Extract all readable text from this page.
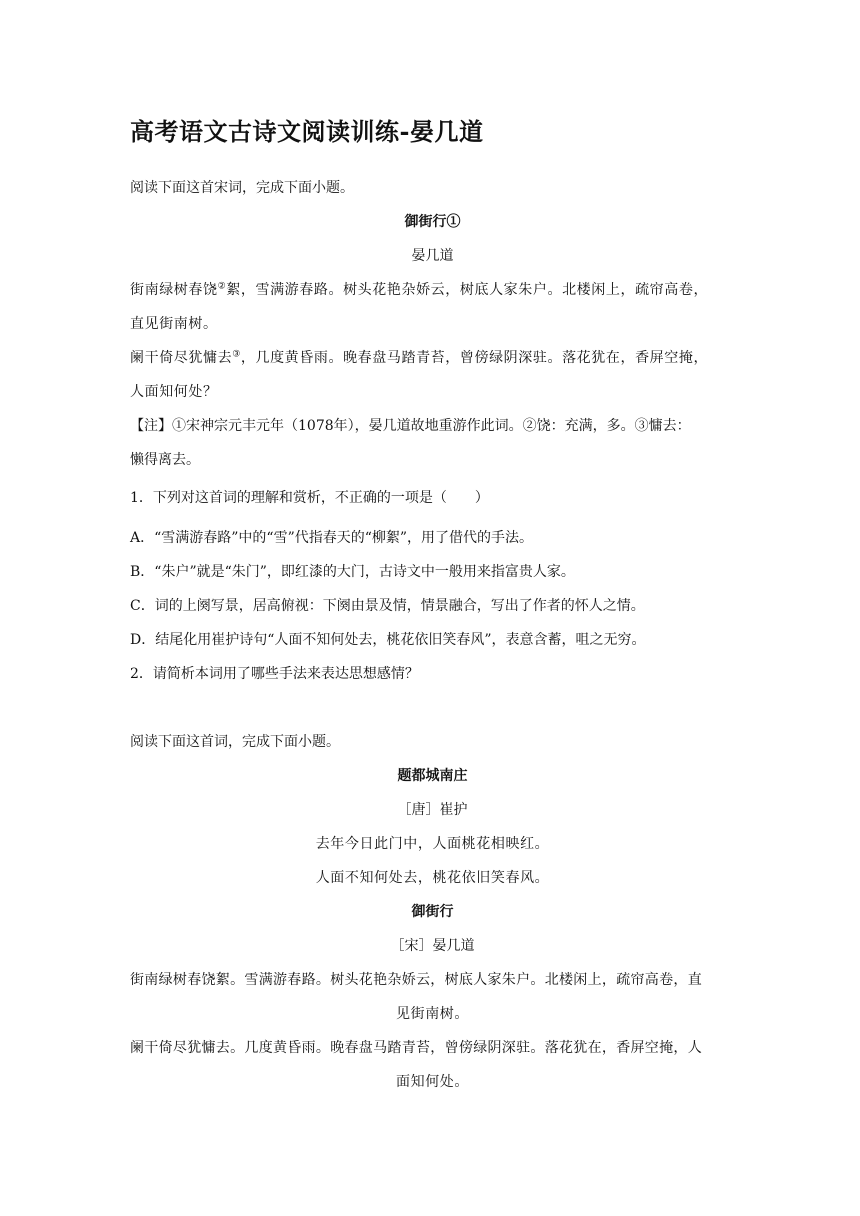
高考语文古诗文阅读训练-晏几道
阅读下面这首宋词，完成下面小题。
御街行①
晏几道
街南绿树春饶②絮，雪满游春路。树头花艳杂娇云，树底人家朱户。北楼闲上，疏帘高卷，
直见街南树。
阑干倚尽犹慵去③，几度黄昏雨。晚春盘马踏青苔，曾傍绿阴深驻。落花犹在，香屏空掩，
人面知何处？
【注】①宋神宗元丰元年（1078年），晏几道故地重游作此词。②饶：充满，多。③慵去：
懒得离去。
1．下列对这首词的理解和赏析，不正确的一项是（　　）
A．“雪满游春路”中的“雪”代指春天的“柳絮”，用了借代的手法。
B．“朱户”就是“朱门”，即红漆的大门，古诗文中一般用来指富贵人家。
C．词的上阕写景，居高俯视：下阕由景及情，情景融合，写出了作者的怀人之情。
D．结尾化用崔护诗句“人面不知何处去，桃花依旧笑春风”，表意含蓄，咀之无穷。
2．请简析本词用了哪些手法来表达思想感情？
阅读下面这首词，完成下面小题。
题都城南庄
［唐］崔护
去年今日此门中，人面桃花相映红。
人面不知何处去，桃花依旧笑春风。
御街行
［宋］晏几道
街南绿树春饶絮。雪满游春路。树头花艳杂娇云，树底人家朱户。北楼闲上，疏帘高卷，直
见街南树。
阑干倚尽犹慵去。几度黄昏雨。晚春盘马踏青苔，曾傍绿阴深驻。落花犹在，香屏空掩，人
面知何处。
